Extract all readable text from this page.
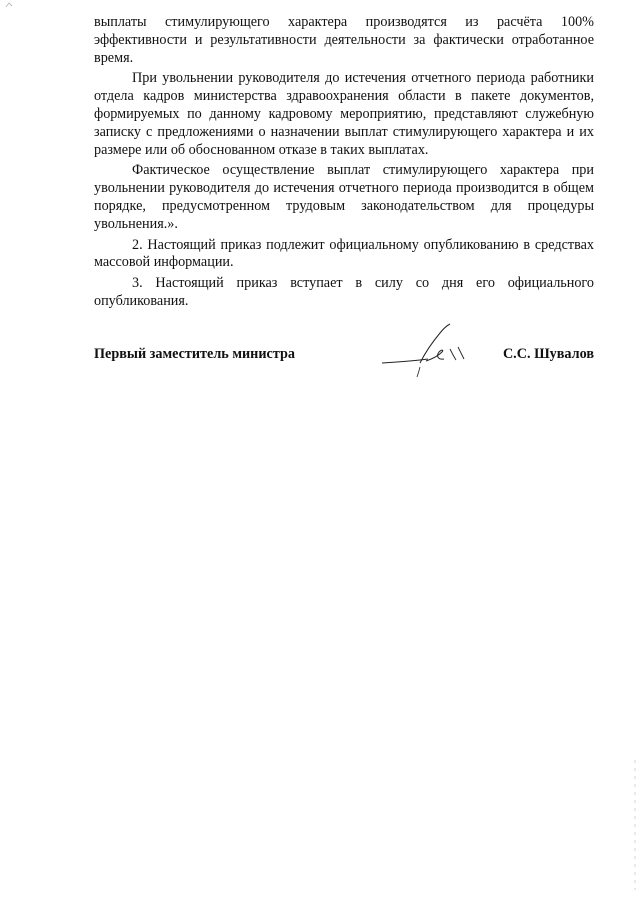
выплаты стимулирующего характера производятся из расчёта 100% эффективности и результативности деятельности за фактически отработанное время.

При увольнении руководителя до истечения отчетного периода работники отдела кадров министерства здравоохранения области в пакете документов, формируемых по данному кадровому мероприятию, представляют служебную записку с предложениями о назначении выплат стимулирующего характера и их размере или об обоснованном отказе в таких выплатах.

Фактическое осуществление выплат стимулирующего характера при увольнении руководителя до истечения отчетного периода производится в общем порядке, предусмотренном трудовым законодательством для процедуры увольнения.».

2. Настоящий приказ подлежит официальному опубликованию в средствах массовой информации.

3. Настоящий приказ вступает в силу со дня его официального опубликования.

Первый заместитель министра	С.С. Шувалов
